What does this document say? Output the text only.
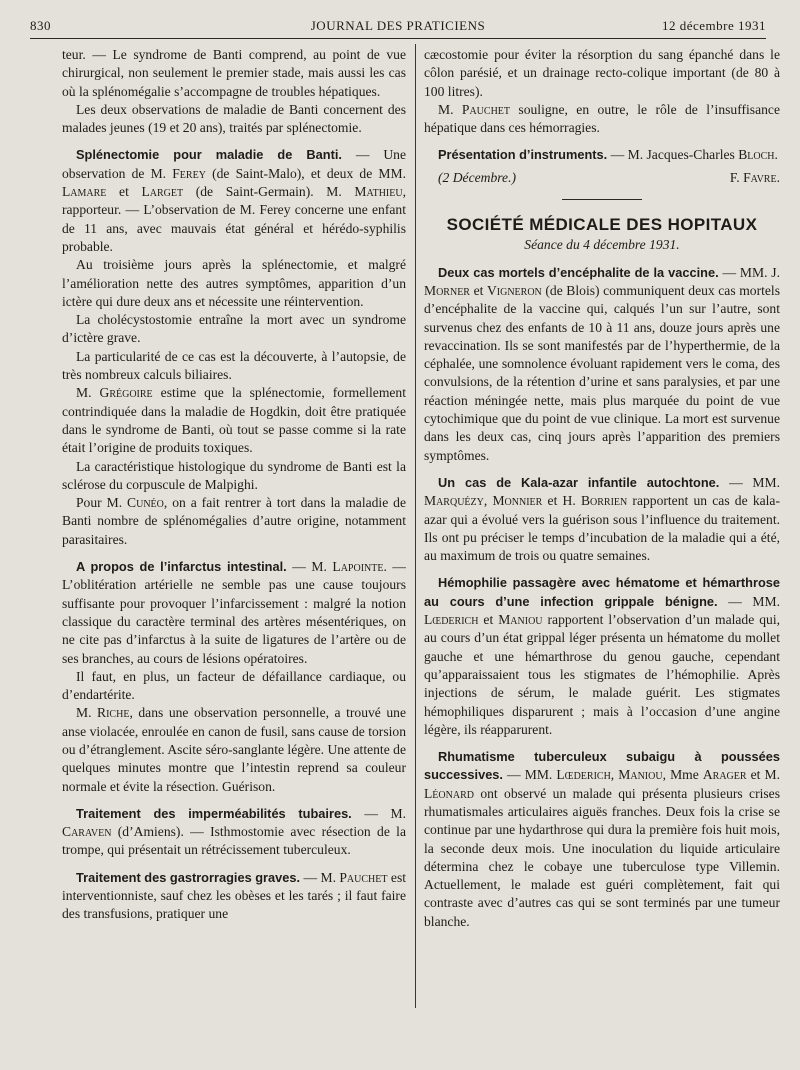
830	JOURNAL DES PRATICIENS	12 décembre 1931

teur. — Le syndrome de Banti comprend, au point de vue chirurgical, non seulement le premier stade, mais aussi les cas où la splénomégalie s’accompagne de troubles hépatiques.

Les deux observations de maladie de Banti concernent des malades jeunes (19 et 20 ans), traités par splénectomie.

Splénectomie pour maladie de Banti. — Une observation de M. Ferey (de Saint-Malo), et deux de MM. Lamare et Larget (de Saint-Germain). M. Mathieu, rapporteur. — L’observation de M. Ferey concerne une enfant de 11 ans, avec mauvais état général et hérédo-syphilis probable.

Au troisième jours après la splénectomie, et malgré l’amélioration nette des autres symptômes, apparition d’un ictère qui dure deux ans et nécessite une réintervention.

La cholécystostomie entraîne la mort avec un syndrome d’ictère grave.

La particularité de ce cas est la découverte, à l’autopsie, de très nombreux calculs biliaires.

M. Grégoire estime que la splénectomie, formellement contrindiquée dans la maladie de Hogdkin, doit être pratiquée dans le syndrome de Banti, où tout se passe comme si la rate était l’origine de produits toxiques.

La caractéristique histologique du syndrome de Banti est la sclérose du corpuscule de Malpighi.

Pour M. Cunéo, on a fait rentrer à tort dans la maladie de Banti nombre de splénomégalies d’autre origine, notamment parasitaires.

A propos de l’infarctus intestinal. — M. Lapointe. — L’oblitération artérielle ne semble pas une cause toujours suffisante pour provoquer l’infarcissement : malgré la notion classique du caractère terminal des artères mésentériques, on ne cite pas d’infarctus à la suite de ligatures de l’artère ou de ses branches, au cours de lésions opératoires.

Il faut, en plus, un facteur de défaillance cardiaque, ou d’endartérite.

M. Riche, dans une observation personnelle, a trouvé une anse violacée, enroulée en canon de fusil, sans cause de torsion ou d’étranglement. Ascite séro-sanglante légère. Une attente de quelques minutes montre que l’intestin reprend sa couleur normale et évite la résection. Guérison.

Traitement des imperméabilités tubaires. — M. Caraven (d’Amiens). — Isthmostomie avec résection de la trompe, qui présentait un rétrécissement tuberculeux.

Traitement des gastrorragies graves. — M. Pauchet est interventionniste, sauf chez les obèses et les tarés ; il faut faire des transfusions, pratiquer une

cæcostomie pour éviter la résorption du sang épanché dans le côlon parésié, et un drainage recto-colique important (de 80 à 100 litres).

M. Pauchet souligne, en outre, le rôle de l’insuffisance hépatique dans ces hémorragies.

Présentation d’instruments. — M. Jacques-Charles Bloch.

(2 Décembre.)	F. Favre.
SOCIÉTÉ MÉDICALE DES HOPITAUX
Séance du 4 décembre 1931.

Deux cas mortels d’encéphalite de la vaccine. — MM. J. Morner et Vigneron (de Blois) communiquent deux cas mortels d’encéphalite de la vaccine qui, calqués l’un sur l’autre, sont survenus chez des enfants de 10 à 11 ans, douze jours après une revaccination. Ils se sont manifestés par de l’hyperthermie, de la céphalée, une somnolence évoluant rapidement vers le coma, des convulsions, de la rétention d’urine et sans paralysies, et par une réaction méningée nette, mais plus marquée du point de vue cytochimique que du point de vue clinique. La mort est survenue dans les deux cas, cinq jours après l’apparition des premiers symptômes.

Un cas de Kala-azar infantile autochtone. — MM. Marquézy, Monnier et H. Borrien rapportent un cas de kala-azar qui a évolué vers la guérison sous l’influence du traitement. Ils ont pu préciser le temps d’incubation de la maladie qui a été, au maximum de trois ou quatre semaines.

Hémophilie passagère avec hématome et hémarthrose au cours d’une infection grippale bénigne. — MM. Lœderich et Maniou rapportent l’observation d’un malade qui, au cours d’un état grippal léger présenta un hématome du mollet gauche et une hémarthrose du genou gauche, cependant qu’apparaissaient tous les stigmates de l’hémophilie. Après injections de sérum, le malade guérit. Les stigmates hémophiliques disparurent ; mais à l’occasion d’une angine légère, ils réapparurent.

Rhumatisme tuberculeux subaigu à poussées successives. — MM. Lœderich, Maniou, Mme Arager et M. Léonard ont observé un malade qui présenta plusieurs crises rhumatismales articulaires aiguës franches. Deux fois la crise se continue par une hydarthrose qui dura la première fois huit mois, la seconde deux mois. Une inoculation du liquide articulaire détermina chez le cobaye une tuberculose type Villemin. Actuellement, le malade est guéri complètement, fait qui contraste avec d’autres cas qui se sont terminés par une tumeur blanche.
